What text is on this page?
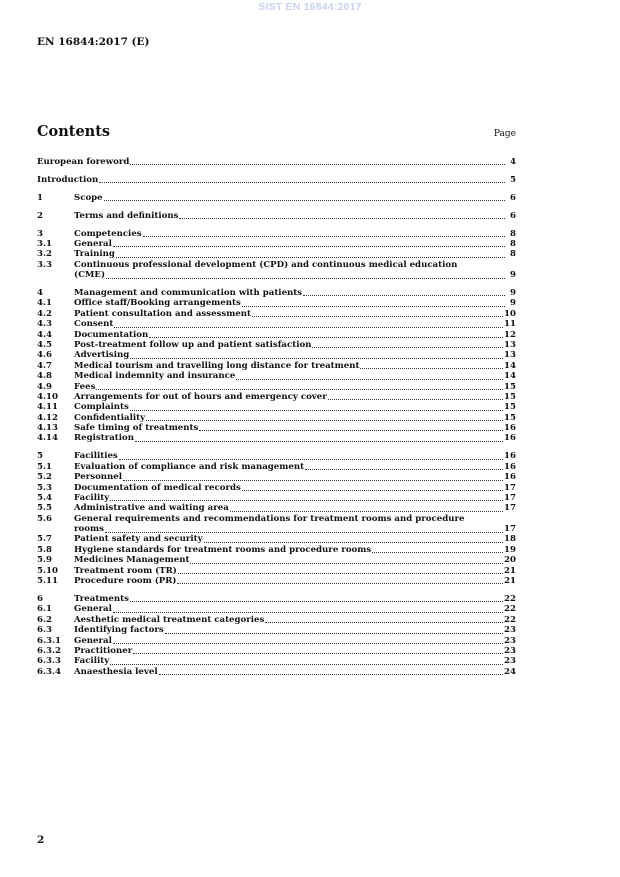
SIST EN 16844:2017
EN 16844:2017 (E)
Contents	Page
European foreword	4
Introduction	5
1	Scope	6
2	Terms and definitions	6
3	Competencies	8
3.1	General	8
3.2	Training	8
3.3	Continuous professional development (CPD) and continuous medical education
(CME)	9
4	Management and communication with patients	9
4.1	Office staff/Booking arrangements	9
4.2	Patient consultation and assessment	10
4.3	Consent	11
4.4	Documentation	12
4.5	Post-treatment follow up and patient satisfaction	13
4.6	Advertising	13
4.7	Medical tourism and travelling long distance for treatment	14
4.8	Medical indemnity and insurance	14
4.9	Fees	15
4.10	Arrangements for out of hours and emergency cover	15
4.11	Complaints	15
4.12	Confidentiality	15
4.13	Safe timing of treatments	16
4.14	Registration	16
5	Facilities	16
5.1	Evaluation of compliance and risk management	16
5.2	Personnel	16
5.3	Documentation of medical records	17
5.4	Facility	17
5.5	Administrative and waiting area	17
5.6	General requirements and recommendations for treatment rooms and procedure
rooms	17
5.7	Patient safety and security	18
5.8	Hygiene standards for treatment rooms and procedure rooms	19
5.9	Medicines Management	20
5.10	Treatment room (TR)	21
5.11	Procedure room (PR)	21
6	Treatments	22
6.1	General	22
6.2	Aesthetic medical treatment categories	22
6.3	Identifying factors	23
6.3.1	General	23
6.3.2	Practitioner	23
6.3.3	Facility	23
6.3.4	Anaesthesia level	24
2
